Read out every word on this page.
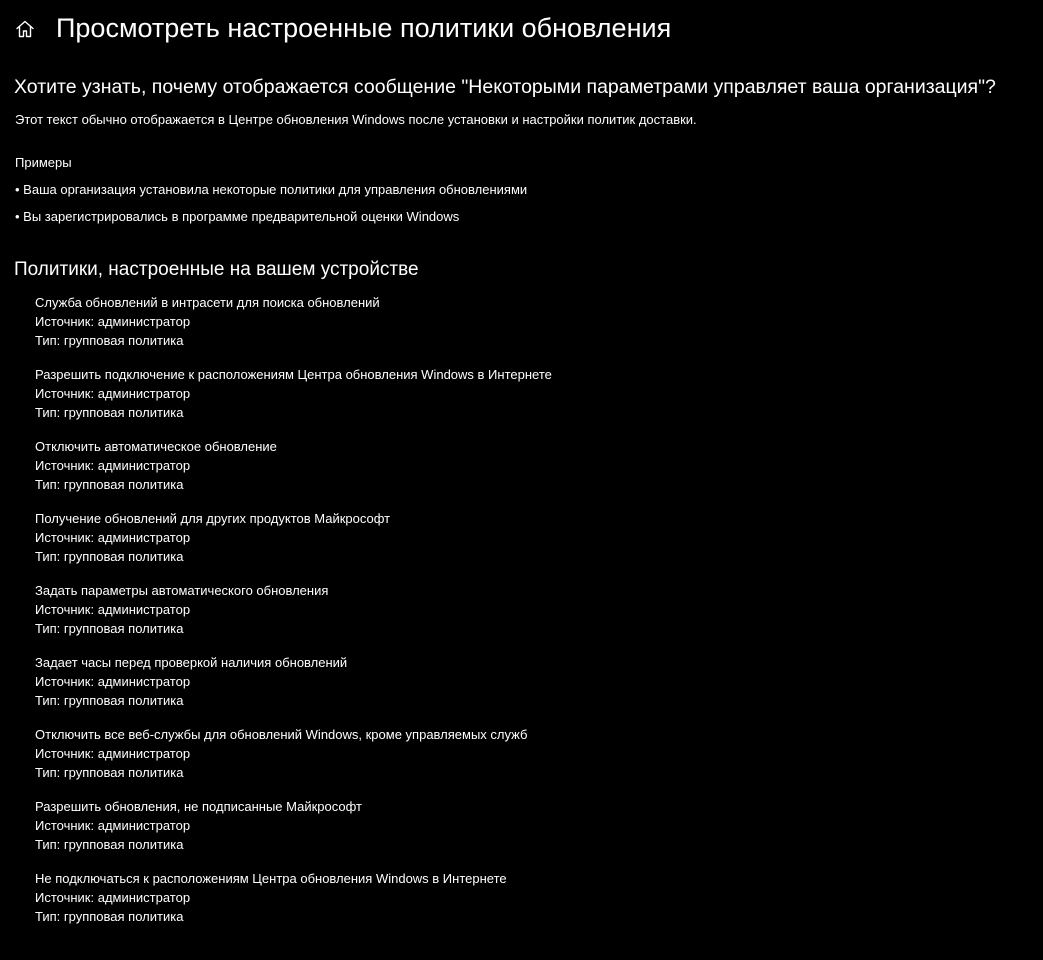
Просмотреть настроенные политики обновления
Хотите узнать, почему отображается сообщение "Некоторыми параметрами управляет ваша организация"?

Этот текст обычно отображается в Центре обновления Windows после установки и настройки политик доставки.

Примеры

• Ваша организация установила некоторые политики для управления обновлениями
• Вы зарегистрировались в программе предварительной оценки Windows
Политики, настроенные на вашем устройстве
Служба обновлений в интрасети для поиска обновлений
Источник: администратор
Тип: групповая политика
Разрешить подключение к расположениям Центра обновления Windows в Интернете
Источник: администратор
Тип: групповая политика
Отключить автоматическое обновление
Источник: администратор
Тип: групповая политика
Получение обновлений для других продуктов Майкрософт
Источник: администратор
Тип: групповая политика
Задать параметры автоматического обновления
Источник: администратор
Тип: групповая политика
Задает часы перед проверкой наличия обновлений
Источник: администратор
Тип: групповая политика
Отключить все веб-службы для обновлений Windows, кроме управляемых служб
Источник: администратор
Тип: групповая политика
Разрешить обновления, не подписанные Майкрософт
Источник: администратор
Тип: групповая политика
Не подключаться к расположениям Центра обновления Windows в Интернете
Источник: администратор
Тип: групповая политика
